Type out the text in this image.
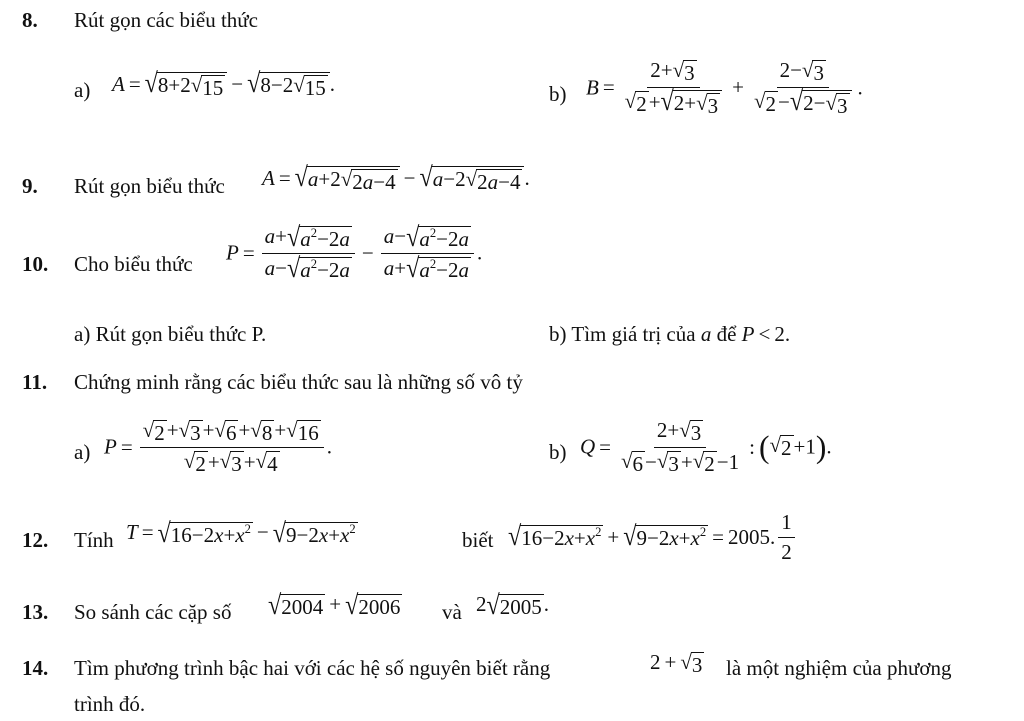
8. Rút gọn các biểu thức
a) A = √ 8+2 √ 15 − √ 8−2 √ 15 .	b) $B = \frac{2+ √ 3}{√ 2 + √ 2+ √ 3} + \frac{2- √ 3}{√ 2 - √ 2- √ 3}$ .
9. Rút gọn biểu thức A = √ a+2 √ 2a−4 − √ a−2 √ 2a−4 .
10. Cho biểu thức $P = \frac{a+ √ a^2-2a}{a- √ a^2-2a} - \frac{a- √ a^2-2a}{a+ √ a^2-2a}$ .
a) Rút gọn biểu thức P.	b) Tìm giá trị của a để P < 2.
11. Chứng minh rằng các biểu thức sau là những số vô tỷ
a) $P = \frac{√ 2 + √ 3 + √ 6 + √ 8 + √ 16}{√ 2 + √ 3 + √ 4}$ .	b) $Q = \frac{2+ √ 3}{√ 6 - √ 3 + √ 2 -1}$ : ( √ 2 +1).
12. Tính T = √ $16-2x+x^2$ − √ $9-2x+x^2$	biết √ $16-2x+x^2$ + √ $9-2x+x^2 = 2005$. $\frac{1}{2}$
13. So sánh các cặp số √ 2004 + √ 2006 và 2 √ 2005 .
14. Tìm phương trình bậc hai với các hệ số nguyên biết rằng	2 + √ 3 là một nghiệm của phương
trình đó.
